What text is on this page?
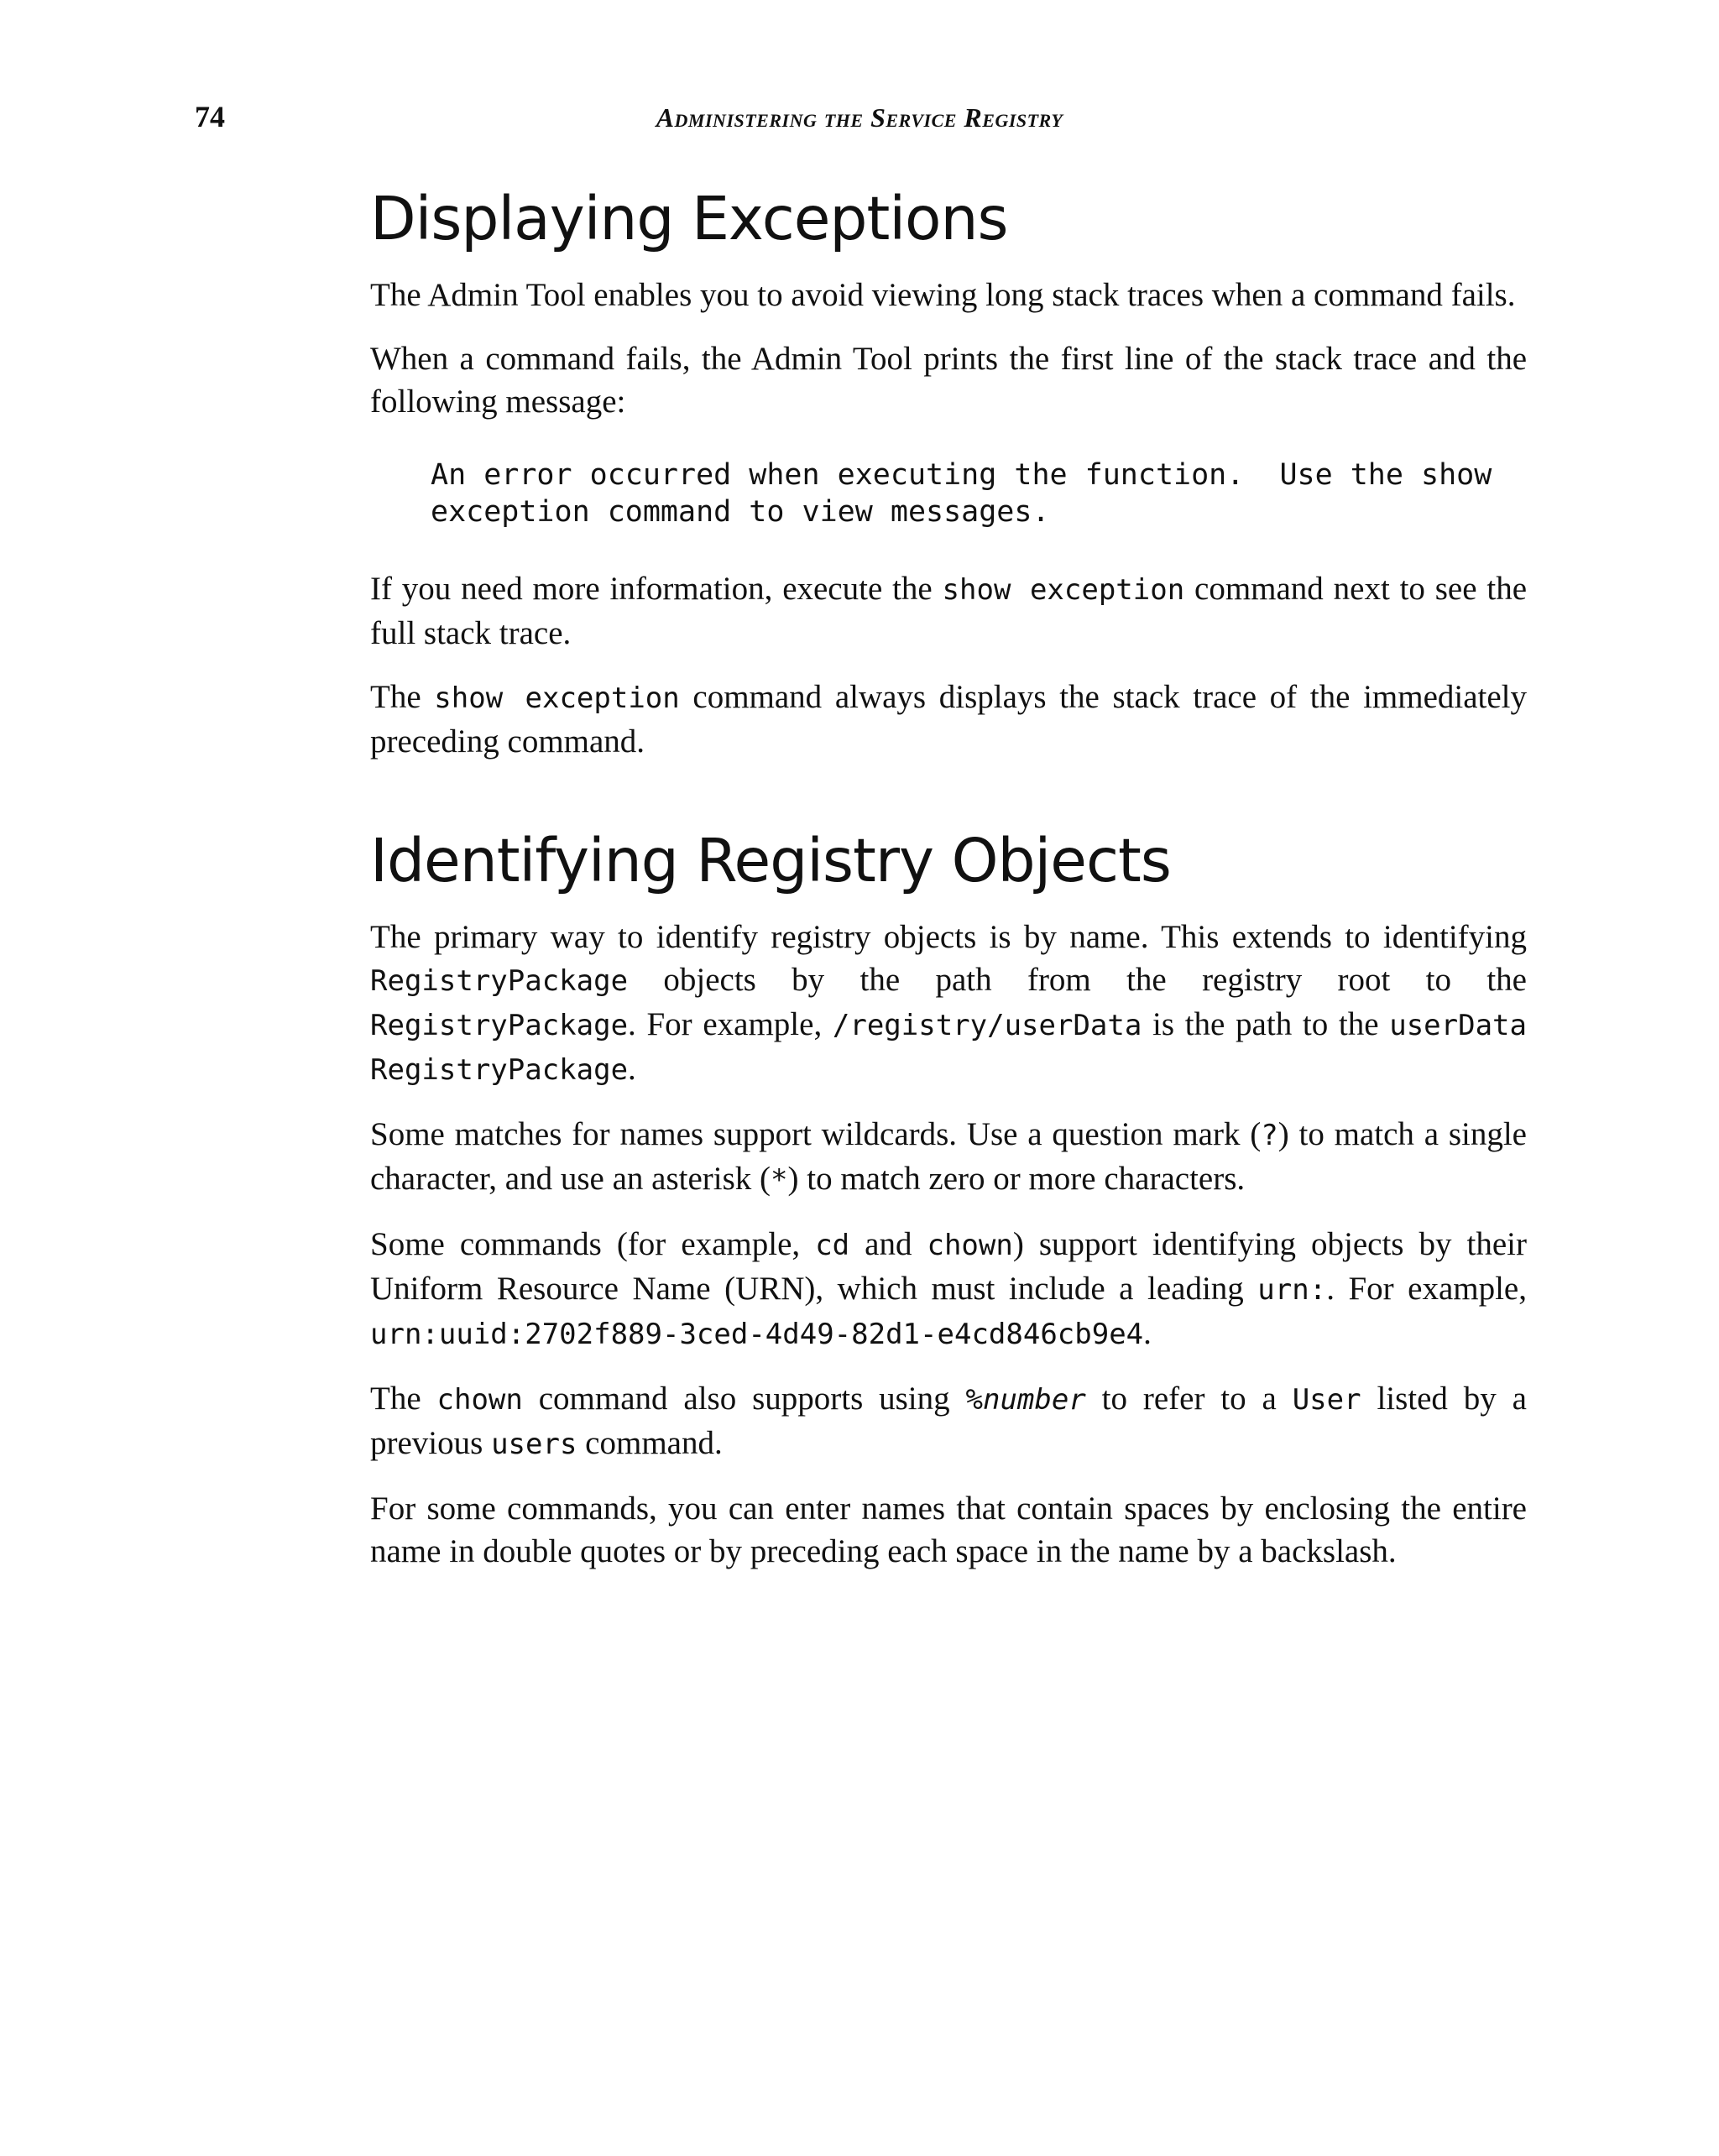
74	Administering the Service Registry
Displaying Exceptions

The Admin Tool enables you to avoid viewing long stack traces when a command fails.

When a command fails, the Admin Tool prints the first line of the stack trace and the following message:

An error occurred when executing the function.  Use the show
exception command to view messages.

If you need more information, execute the show exception command next to see the full stack trace.

The show exception command always displays the stack trace of the immediately preceding command.

Identifying Registry Objects

The primary way to identify registry objects is by name. This extends to identifying RegistryPackage objects by the path from the registry root to the RegistryPackage. For example, /registry/userData is the path to the userData RegistryPackage.

Some matches for names support wildcards. Use a question mark (?) to match a single character, and use an asterisk (*) to match zero or more characters.

Some commands (for example, cd and chown) support identifying objects by their Uniform Resource Name (URN), which must include a leading urn:. For example, urn:uuid:2702f889-3ced-4d49-82d1-e4cd846cb9e4.

The chown command also supports using %number to refer to a User listed by a previous users command.

For some commands, you can enter names that contain spaces by enclosing the entire name in double quotes or by preceding each space in the name by a backslash.
